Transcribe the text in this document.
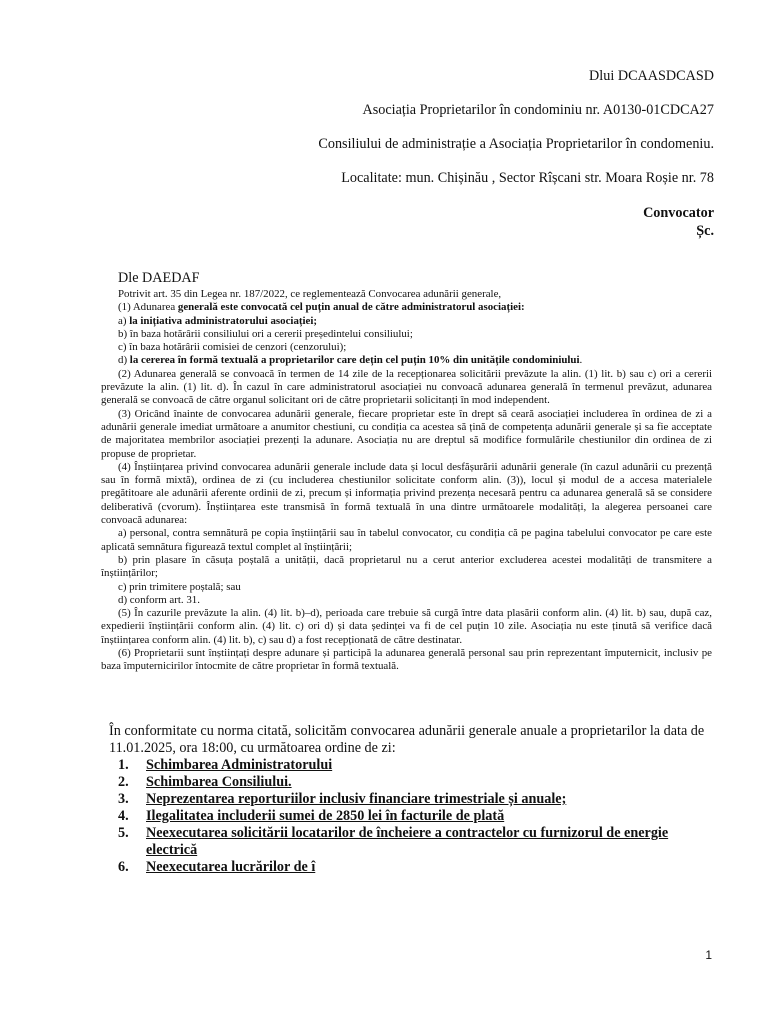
Dlui DCAASDCASD
Asociația Proprietarilor în condominiu nr. A0130-01CDCA27
Consiliului de administrație a Asociația Proprietarilor în condomeniu.
Localitate: mun. Chișinău , Sector Rîșcani str. Moara Roșie nr. 78
Convocator
Șc.
Dle DAEDAF

Potrivit art. 35 din Legea nr. 187/2022, ce reglementează Convocarea adunării generale,

(1) Adunarea generală este convocată cel puțin anual de către administratorul asociației:

a) la inițiativa administratorului asociației;

b) în baza hotărârii consiliului ori a cererii președintelui consiliului;

c) în baza hotărârii comisiei de cenzori (cenzorului);

d) la cererea în formă textuală a proprietarilor care dețin cel puțin 10% din unitățile condominiului.

(2) Adunarea generală se convoacă în termen de 14 zile de la recepționarea solicitării prevăzute la alin. (1) lit. b) sau c) ori a cererii prevăzute la alin. (1) lit. d). În cazul în care administratorul asociației nu convoacă adunarea generală în termenul prevăzut, adunarea generală se convoacă de către organul solicitant ori de către proprietarii solicitanți în mod independent.

(3) Oricând înainte de convocarea adunării generale, fiecare proprietar este în drept să ceară asociației includerea în ordinea de zi a adunării generale imediat următoare a anumitor chestiuni, cu condiția ca acestea să țină de competența adunării generale și sa fie acceptate de majoritatea membrilor asociației prezenți la adunare. Asociația nu are dreptul să modifice formulările chestiunilor din ordinea de zi propuse de proprietar.

(4) Înștiințarea privind convocarea adunării generale include data și locul desfășurării adunării generale (în cazul adunării cu prezență sau în formă mixtă), ordinea de zi (cu includerea chestiunilor solicitate conform alin. (3)), locul și modul de a accesa materialele pregătitoare ale adunării aferente ordinii de zi, precum și informația privind prezența necesară pentru ca adunarea generală să se considere deliberativă (cvorum). Înștiințarea este transmisă în formă textuală în una dintre următoarele modalități, la alegerea persoanei care convoacă adunarea:

a) personal, contra semnătură pe copia înștiințării sau în tabelul convocator, cu condiția că pe pagina tabelului convocator pe care este aplicată semnătura figurează textul complet al înștiințării;

b) prin plasare în căsuța poștală a unității, dacă proprietarul nu a cerut anterior excluderea acestei modalități de transmitere a înștiințărilor;

c) prin trimitere poștală; sau

d) conform art. 31.

(5) În cazurile prevăzute la alin. (4) lit. b)–d), perioada care trebuie să curgă între data plasării conform alin. (4) lit. b) sau, după caz, expedierii înștiințării conform alin. (4) lit. c) ori d) și data ședinței va fi de cel puțin 10 zile. Asociația nu este ținută să verifice dacă înștiințarea conform alin. (4) lit. b), c) sau d) a fost recepționată de către destinatar.

(6) Proprietarii sunt înștiințați despre adunare și participă la adunarea generală personal sau prin reprezentant împuternicit, inclusiv pe baza împuternicirilor întocmite de către proprietar în formă textuală.

În conformitate cu norma citată, solicităm convocarea adunării generale anuale a proprietarilor la data de 11.01.2025, ora 18:00, cu următoarea ordine de zi:

1.	Schimbarea Administratorului
2.	Schimbarea Consiliului.
3.	Neprezentarea reporturiilor inclusiv financiare trimestriale și anuale;
4.	Ilegalitatea includerii sumei de 2850 lei în facturile de plată
5.	Neexecutarea solicitării locatarilor de încheiere a contractelor cu furnizorul de energie electrică
6.	Neexecutarea lucrărilor de î
1
